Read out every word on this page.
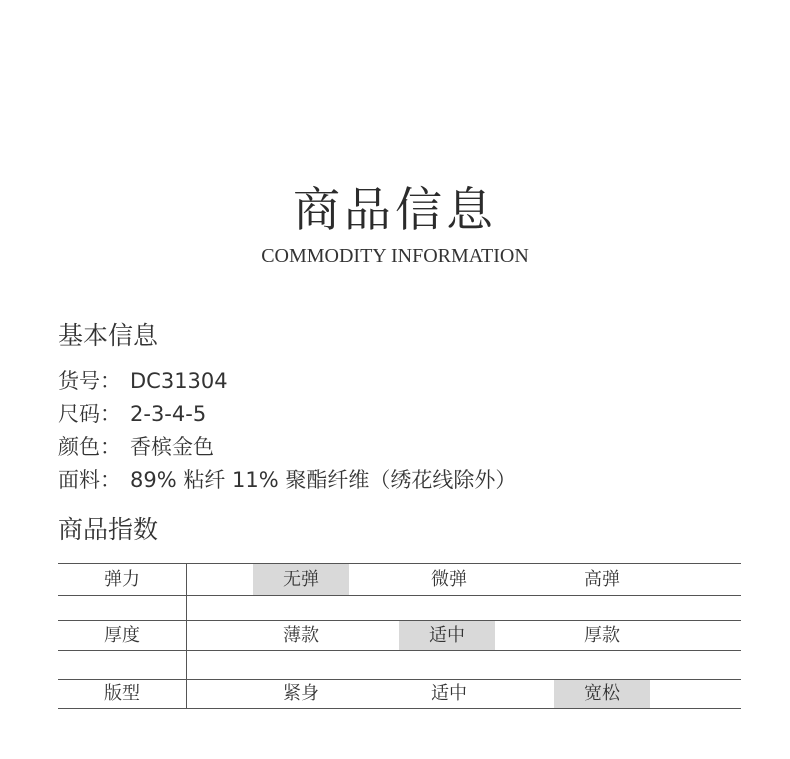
商品信息
COMMODITY INFORMATION
基本信息
货号： DC31304
尺码： 2-3-4-5
颜色： 香槟金色
面料： 89% 粘纤 11% 聚酯纤维（绣花线除外）
商品指数
弹力	无弹	微弹	高弹
厚度	薄款	适中	厚款
版型	紧身	适中	宽松
